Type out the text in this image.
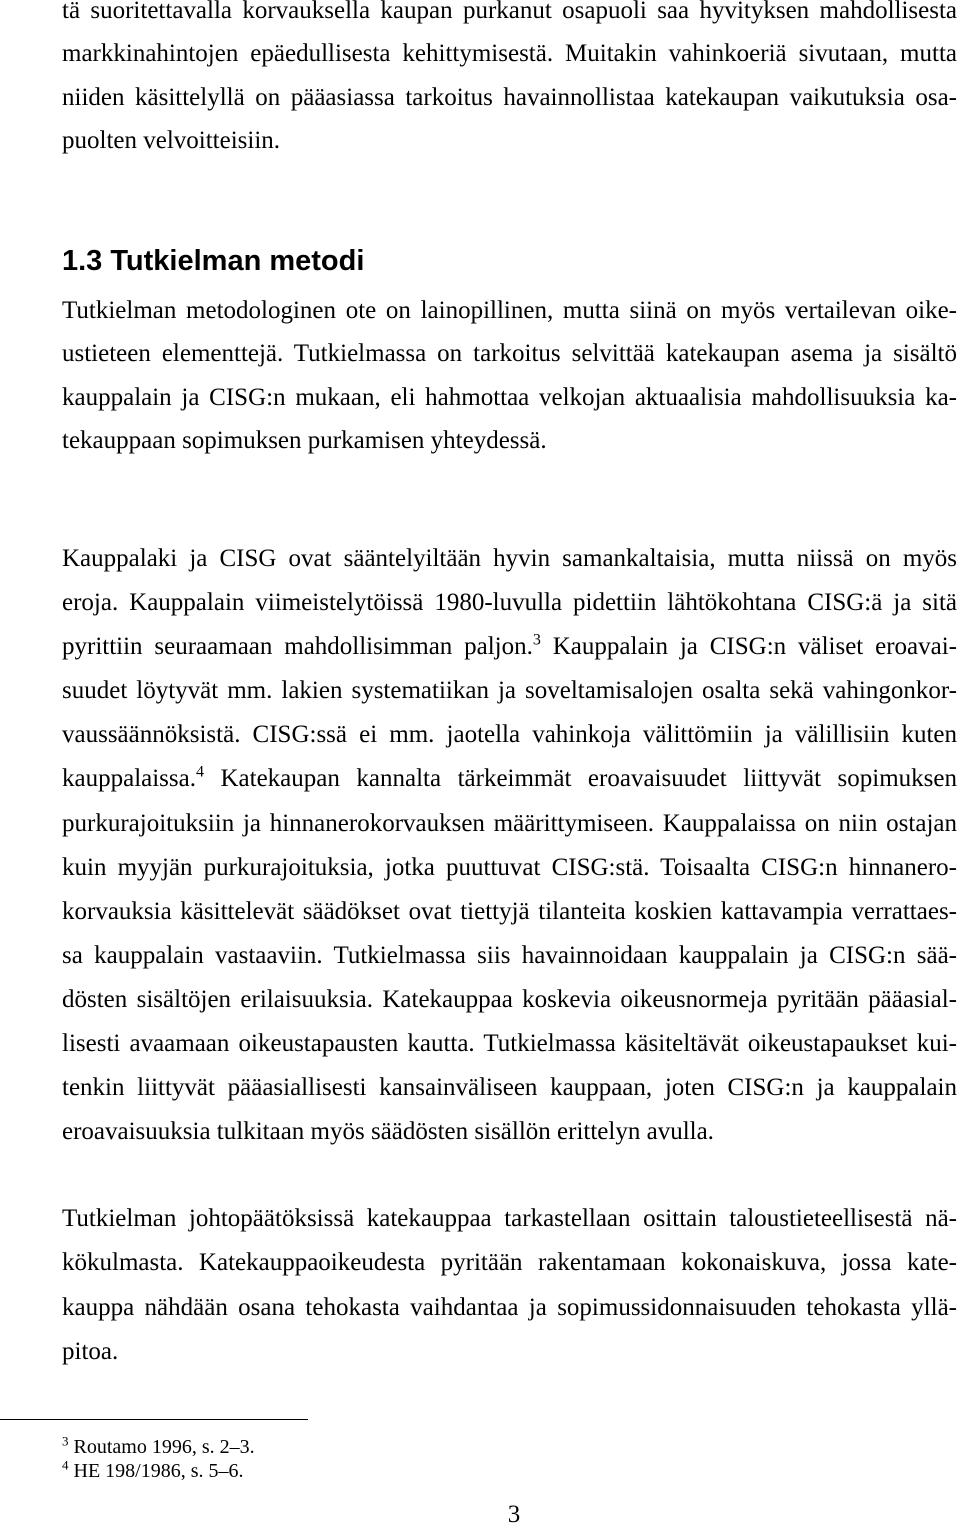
tä suoritettavalla korvauksella kaupan purkanut osapuoli saa hyvityksen mahdollisesta
markkinahintojen epäedullisesta kehittymisestä. Muitakin vahinkoeriä sivutaan, mutta
niiden käsittelyllä on pääasiassa tarkoitus havainnollistaa katekaupan vaikutuksia osa-
puolten velvoitteisiin.
1.3 Tutkielman metodi
Tutkielman metodologinen ote on lainopillinen, mutta siinä on myös vertailevan oike-
ustieteen elementtejä. Tutkielmassa on tarkoitus selvittää katekaupan asema ja sisältö
kauppalain ja CISG:n mukaan, eli hahmottaa velkojan aktuaalisia mahdollisuuksia ka-
tekauppaan sopimuksen purkamisen yhteydessä.
Kauppalaki ja CISG ovat sääntelyiltään hyvin samankaltaisia, mutta niissä on myös
eroja. Kauppalain viimeistelytöissä 1980-luvulla pidettiin lähtökohtana CISG:ä ja sitä
pyrittiin seuraamaan mahdollisimman paljon.$^3$ Kauppalain ja CISG:n väliset eroavai-
suudet löytyvät mm. lakien systematiikan ja soveltamisalojen osalta sekä vahingonkor-
vaussäännöksistä. CISG:ssä ei mm. jaotella vahinkoja välittömiin ja välillisiin kuten
kauppalaissa.$^4$ Katekaupan kannalta tärkeimmät eroavaisuudet liittyvät sopimuksen
purkurajoituksiin ja hinnanerokorvauksen määrittymiseen. Kauppalaissa on niin ostajan
kuin myyjän purkurajoituksia, jotka puuttuvat CISG:stä. Toisaalta CISG:n hinnanero-
korvauksia käsittelevät säädökset ovat tiettyjä tilanteita koskien kattavampia verrattaes-
sa kauppalain vastaaviin. Tutkielmassa siis havainnoidaan kauppalain ja CISG:n sää-
dösten sisältöjen erilaisuuksia. Katekauppaa koskevia oikeusnormeja pyritään pääasial-
lisesti avaamaan oikeustapausten kautta. Tutkielmassa käsiteltävät oikeustapaukset kui-
tenkin liittyvät pääasiallisesti kansainväliseen kauppaan, joten CISG:n ja kauppalain
eroavaisuuksia tulkitaan myös säädösten sisällön erittelyn avulla.
Tutkielman johtopäätöksissä katekauppaa tarkastellaan osittain taloustieteellisestä nä-
kökulmasta. Katekauppaoikeudesta pyritään rakentamaan kokonaiskuva, jossa kate-
kauppa nähdään osana tehokasta vaihdantaa ja sopimussidonnaisuuden tehokasta yllä-
pitoa.
$^3$ Routamo 1996, s. 2–3.
$^4$ HE 198/1986, s. 5–6.
3
